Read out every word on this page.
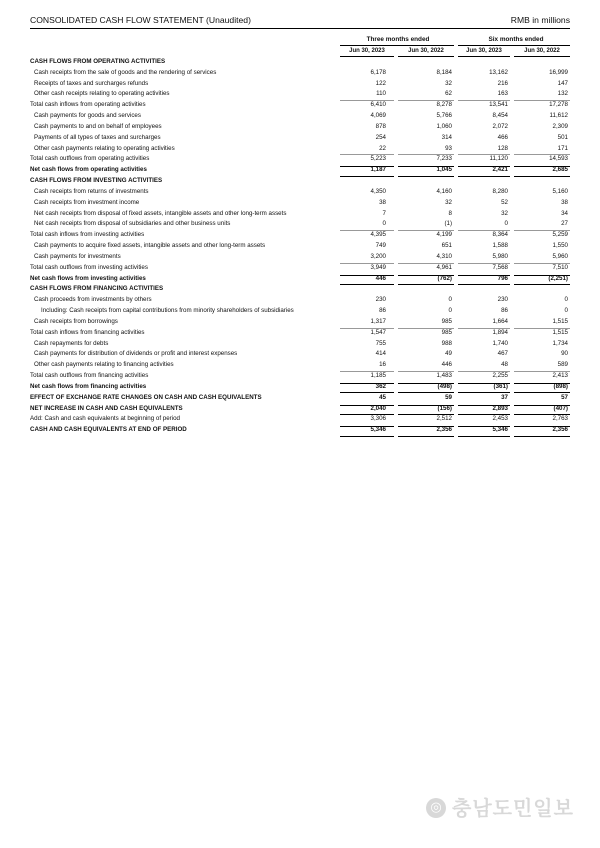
CONSOLIDATED CASH FLOW STATEMENT (Unaudited)	RMB in millions
Three months ended	Six months ended
Jun 30, 2023	Jun 30, 2022	Jun 30, 2023	Jun 30, 2022
CASH FLOWS FROM OPERATING ACTIVITIES
Cash receipts from the sale of goods and the rendering of services	6,178	8,184	13,162	16,999
Receipts of taxes and surcharges refunds	122	32	216	147
Other cash receipts relating to operating activities	110	62	163	132
Total cash inflows from operating activities	6,410	8,278	13,541	17,278
Cash payments for goods and services	4,069	5,766	8,454	11,612
Cash payments to and on behalf of employees	878	1,060	2,072	2,309
Payments of all types of taxes and surcharges	254	314	466	501
Other cash payments relating to operating activities	22	93	128	171
Total cash outflows from operating activities	5,223	7,233	11,120	14,593
Net cash flows from operating activities	1,187	1,045	2,421	2,685
CASH FLOWS FROM INVESTING ACTIVITIES
Cash receipts from returns of investments	4,350	4,160	8,280	5,160
Cash receipts from investment income	38	32	52	38
Net cash receipts from disposal of fixed assets, intangible assets and other long-term assets	7	8	32	34
Net cash receipts from disposal of subsidiaries and other business units	0	(1)	0	27
Total cash inflows from investing activities	4,395	4,199	8,364	5,259
Cash payments to acquire fixed assets, intangible assets and other long-term assets	749	651	1,588	1,550
Cash payments for investments	3,200	4,310	5,980	5,960
Total cash outflows from investing activities	3,949	4,961	7,568	7,510
Net cash flows from investing activities	446	(762)	796	(2,251)
CASH FLOWS FROM FINANCING ACTIVITIES
Cash proceeds from investments by others	230	0	230	0
Including: Cash receipts from capital contributions from minority shareholders of subsidiaries	86	0	86	0
Cash receipts from borrowings	1,317	985	1,664	1,515
Total cash inflows from financing activities	1,547	985	1,894	1,515
Cash repayments for debts	755	988	1,740	1,734
Cash payments for distribution of dividends or profit and interest expenses	414	49	467	90
Other cash payments relating to financing activities	16	446	48	589
Total cash outflows from financing activities	1,185	1,483	2,255	2,413
Net cash flows from financing activities	362	(498)	(361)	(898)
EFFECT OF EXCHANGE RATE CHANGES ON CASH AND CASH EQUIVALENTS	45	59	37	57
NET INCREASE IN CASH AND CASH EQUIVALENTS	2,040	(156)	2,893	(407)
Add: Cash and cash equivalents at beginning of period	3,306	2,512	2,453	2,763
CASH AND CASH EQUIVALENTS AT END OF PERIOD	5,346	2,356	5,346	2,356
◎ 충남도민일보
